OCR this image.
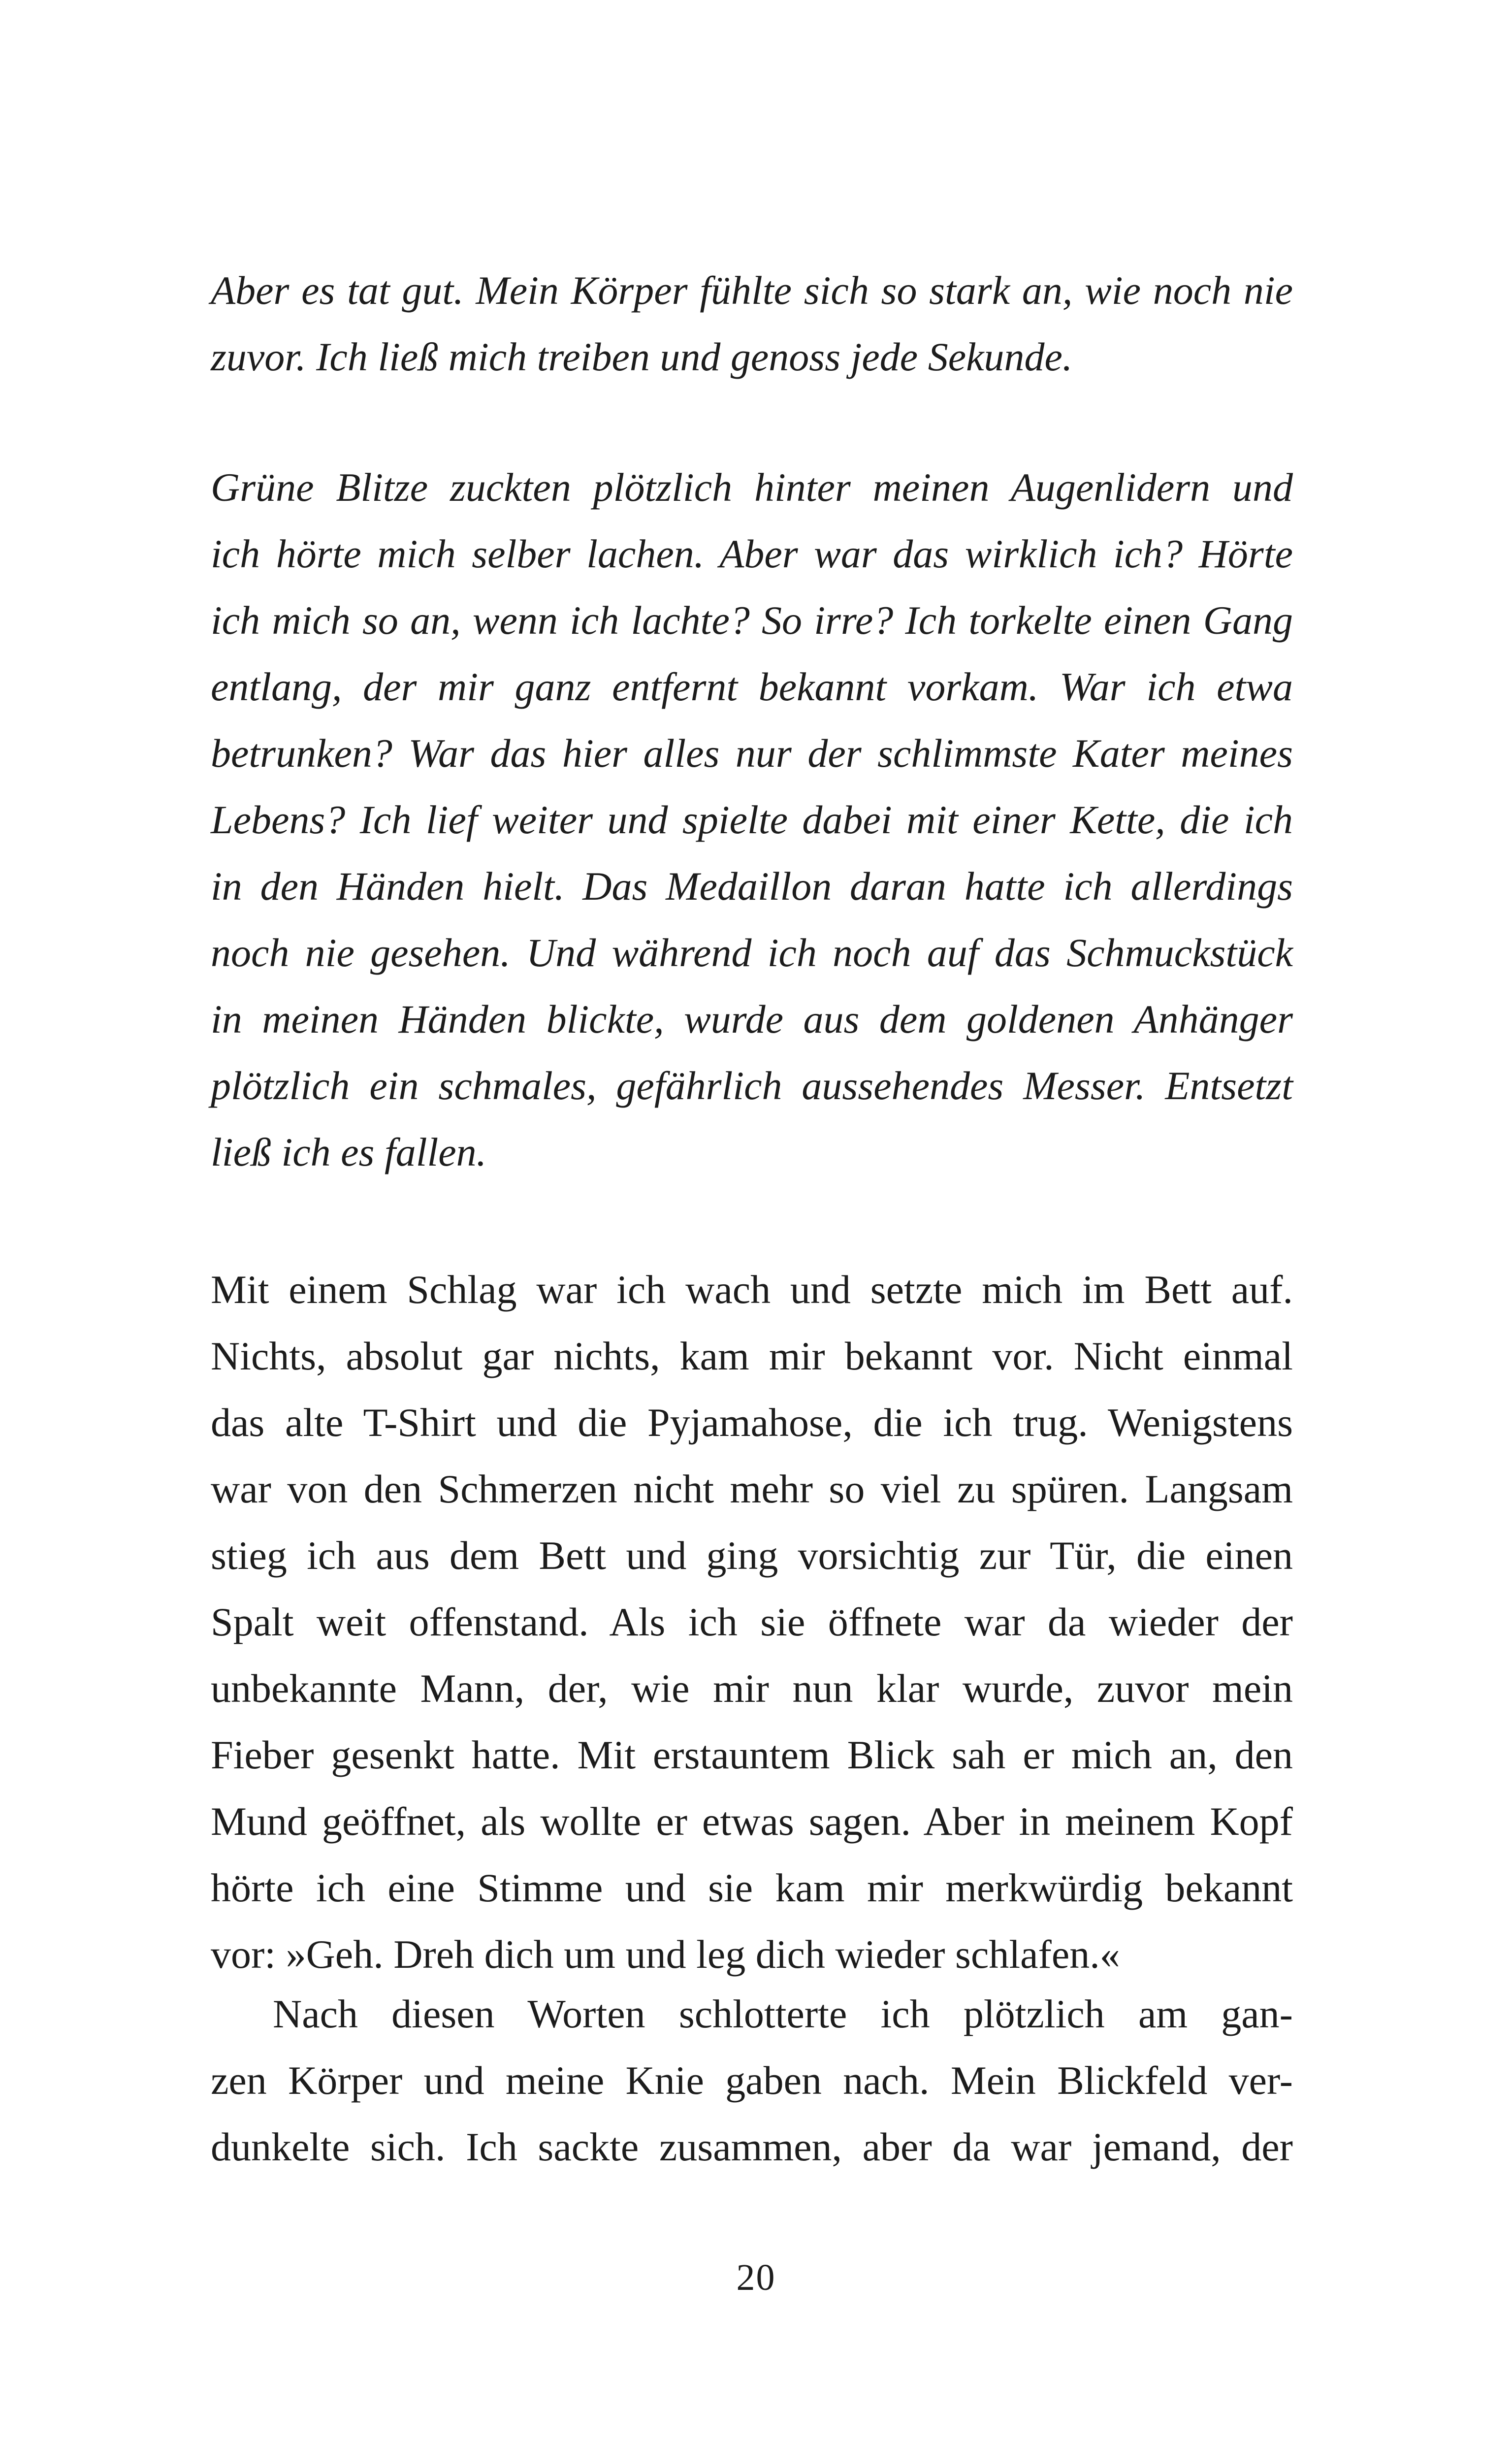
Aber es tat gut. Mein Körper fühlte sich so stark an, wie noch nie
zuvor. Ich ließ mich treiben und genoss jede Sekunde.
Grüne Blitze zuckten plötzlich hinter meinen Augenlidern und
ich hörte mich selber lachen. Aber war das wirklich ich? Hörte
ich mich so an, wenn ich lachte? So irre? Ich torkelte einen Gang
entlang, der mir ganz entfernt bekannt vorkam. War ich etwa
betrunken? War das hier alles nur der schlimmste Kater meines
Lebens? Ich lief weiter und spielte dabei mit einer Kette, die ich
in den Händen hielt. Das Medaillon daran hatte ich allerdings
noch nie gesehen. Und während ich noch auf das Schmuckstück
in meinen Händen blickte, wurde aus dem goldenen Anhänger
plötzlich ein schmales, gefährlich aussehendes Messer. Entsetzt
ließ ich es fallen.
Mit einem Schlag war ich wach und setzte mich im Bett auf.
Nichts, absolut gar nichts, kam mir bekannt vor. Nicht einmal
das alte T-Shirt und die Pyjamahose, die ich trug. Wenigstens
war von den Schmerzen nicht mehr so viel zu spüren. Langsam
stieg ich aus dem Bett und ging vorsichtig zur Tür, die einen
Spalt weit offenstand. Als ich sie öffnete war da wieder der
unbekannte Mann, der, wie mir nun klar wurde, zuvor mein
Fieber gesenkt hatte. Mit erstauntem Blick sah er mich an, den
Mund geöffnet, als wollte er etwas sagen. Aber in meinem Kopf
hörte ich eine Stimme und sie kam mir merkwürdig bekannt
vor: »Geh. Dreh dich um und leg dich wieder schlafen.«
Nach diesen Worten schlotterte ich plötzlich am gan-
zen Körper und meine Knie gaben nach. Mein Blickfeld ver-
dunkelte sich. Ich sackte zusammen, aber da war jemand, der
20
